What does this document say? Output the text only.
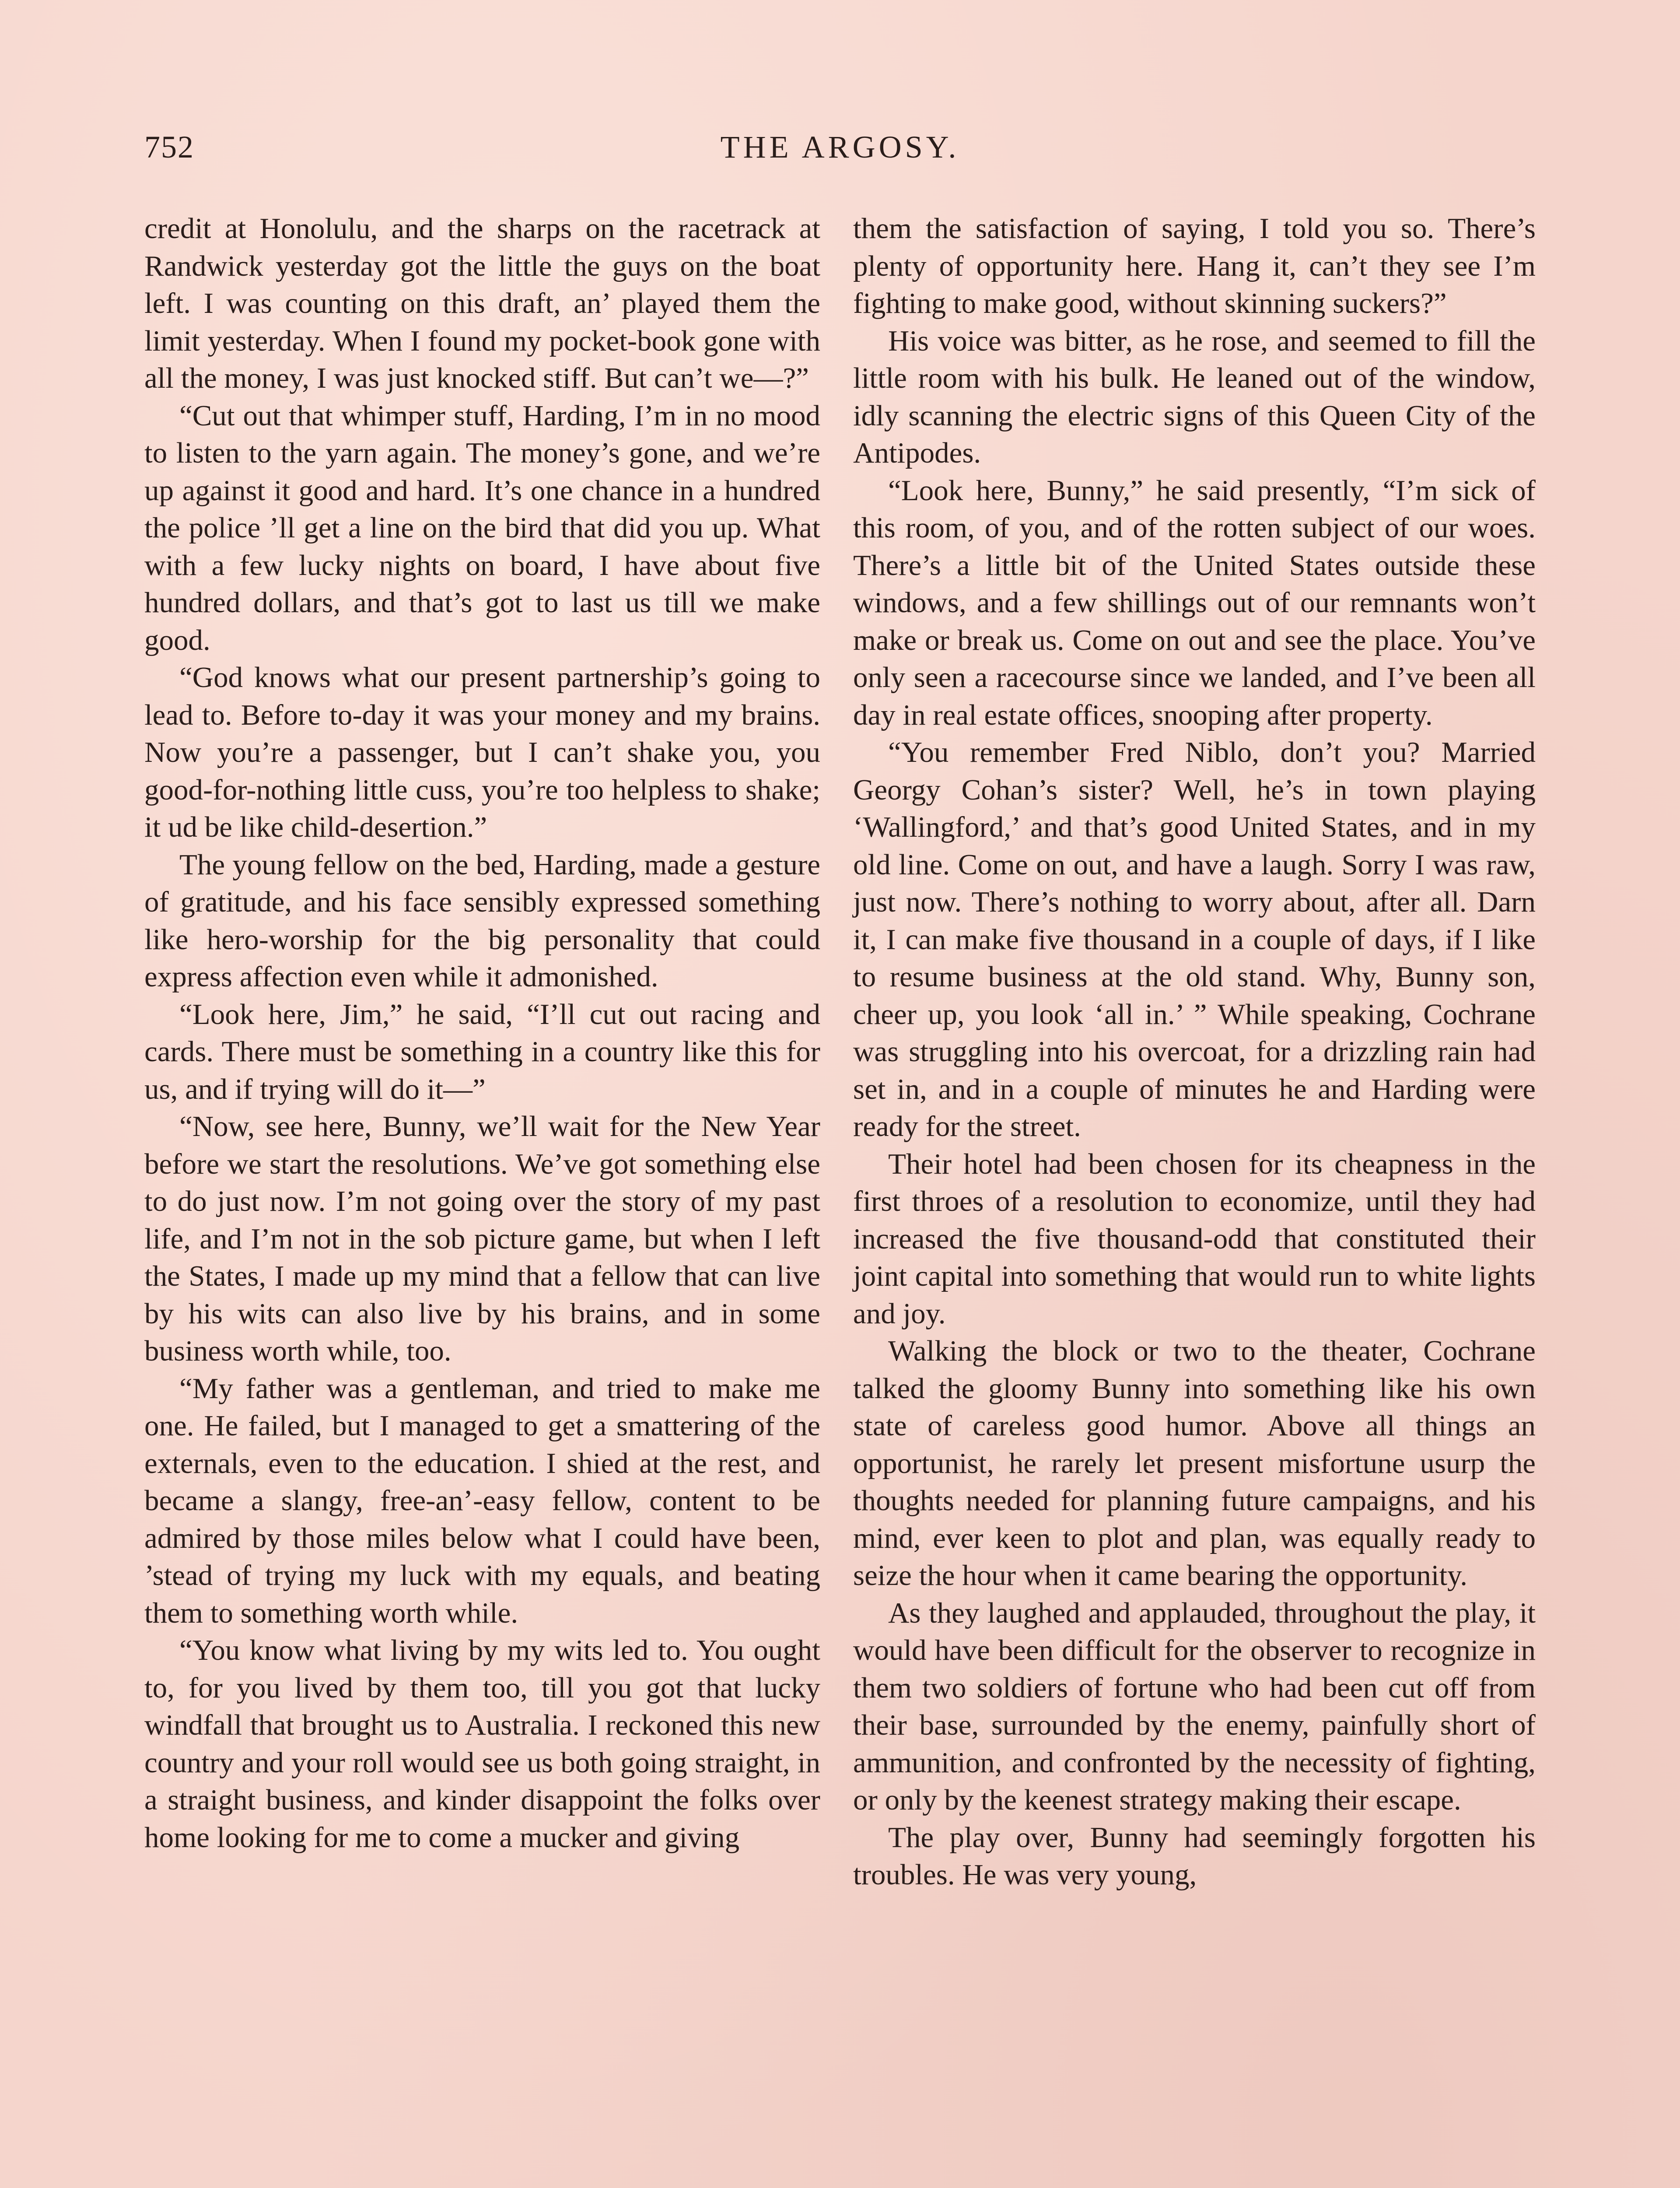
752	THE ARGOSY.

credit at Honolulu, and the sharps on the racetrack at Randwick yesterday got the little the guys on the boat left. I was counting on this draft, an’ played them the limit yesterday. When I found my pocket-book gone with all the money, I was just knocked stiff. But can’t we—?”

“Cut out that whimper stuff, Harding, I’m in no mood to listen to the yarn again. The money’s gone, and we’re up against it good and hard. It’s one chance in a hundred the police ’ll get a line on the bird that did you up. What with a few lucky nights on board, I have about five hundred dollars, and that’s got to last us till we make good.

“God knows what our present partnership’s going to lead to. Before to-day it was your money and my brains. Now you’re a passenger, but I can’t shake you, you good-for-nothing little cuss, you’re too helpless to shake; it ud be like child-desertion.”

The young fellow on the bed, Harding, made a gesture of gratitude, and his face sensibly expressed something like hero-worship for the big personality that could express affection even while it admonished.

“Look here, Jim,” he said, “I’ll cut out racing and cards. There must be something in a country like this for us, and if trying will do it—”

“Now, see here, Bunny, we’ll wait for the New Year before we start the resolutions. We’ve got something else to do just now. I’m not going over the story of my past life, and I’m not in the sob picture game, but when I left the States, I made up my mind that a fellow that can live by his wits can also live by his brains, and in some business worth while, too.

“My father was a gentleman, and tried to make me one. He failed, but I managed to get a smattering of the externals, even to the education. I shied at the rest, and became a slangy, free-an’-easy fellow, content to be admired by those miles below what I could have been, ’stead of trying my luck with my equals, and beating them to something worth while.

“You know what living by my wits led to. You ought to, for you lived by them too, till you got that lucky windfall that brought us to Australia. I reckoned this new country and your roll would see us both going straight, in a straight business, and kinder disappoint the folks over home looking for me to come a mucker and giving

them the satisfaction of saying, I told you so. There’s plenty of opportunity here. Hang it, can’t they see I’m fighting to make good, without skinning suckers?”

His voice was bitter, as he rose, and seemed to fill the little room with his bulk. He leaned out of the window, idly scanning the electric signs of this Queen City of the Antipodes.

“Look here, Bunny,” he said presently, “I’m sick of this room, of you, and of the rotten subject of our woes. There’s a little bit of the United States outside these windows, and a few shillings out of our remnants won’t make or break us. Come on out and see the place. You’ve only seen a racecourse since we landed, and I’ve been all day in real estate offices, snooping after property.

“You remember Fred Niblo, don’t you? Married Georgy Cohan’s sister? Well, he’s in town playing ‘Wallingford,’ and that’s good United States, and in my old line. Come on out, and have a laugh. Sorry I was raw, just now. There’s nothing to worry about, after all. Darn it, I can make five thousand in a couple of days, if I like to resume business at the old stand. Why, Bunny son, cheer up, you look ‘all in.’ ” While speaking, Cochrane was struggling into his overcoat, for a drizzling rain had set in, and in a couple of minutes he and Harding were ready for the street.

Their hotel had been chosen for its cheapness in the first throes of a resolution to economize, until they had increased the five thousand-odd that constituted their joint capital into something that would run to white lights and joy.

Walking the block or two to the theater, Cochrane talked the gloomy Bunny into something like his own state of careless good humor. Above all things an opportunist, he rarely let present misfortune usurp the thoughts needed for planning future campaigns, and his mind, ever keen to plot and plan, was equally ready to seize the hour when it came bearing the opportunity.

As they laughed and applauded, throughout the play, it would have been difficult for the observer to recognize in them two soldiers of fortune who had been cut off from their base, surrounded by the enemy, painfully short of ammunition, and confronted by the necessity of fighting, or only by the keenest strategy making their escape.

The play over, Bunny had seemingly forgotten his troubles. He was very young,
